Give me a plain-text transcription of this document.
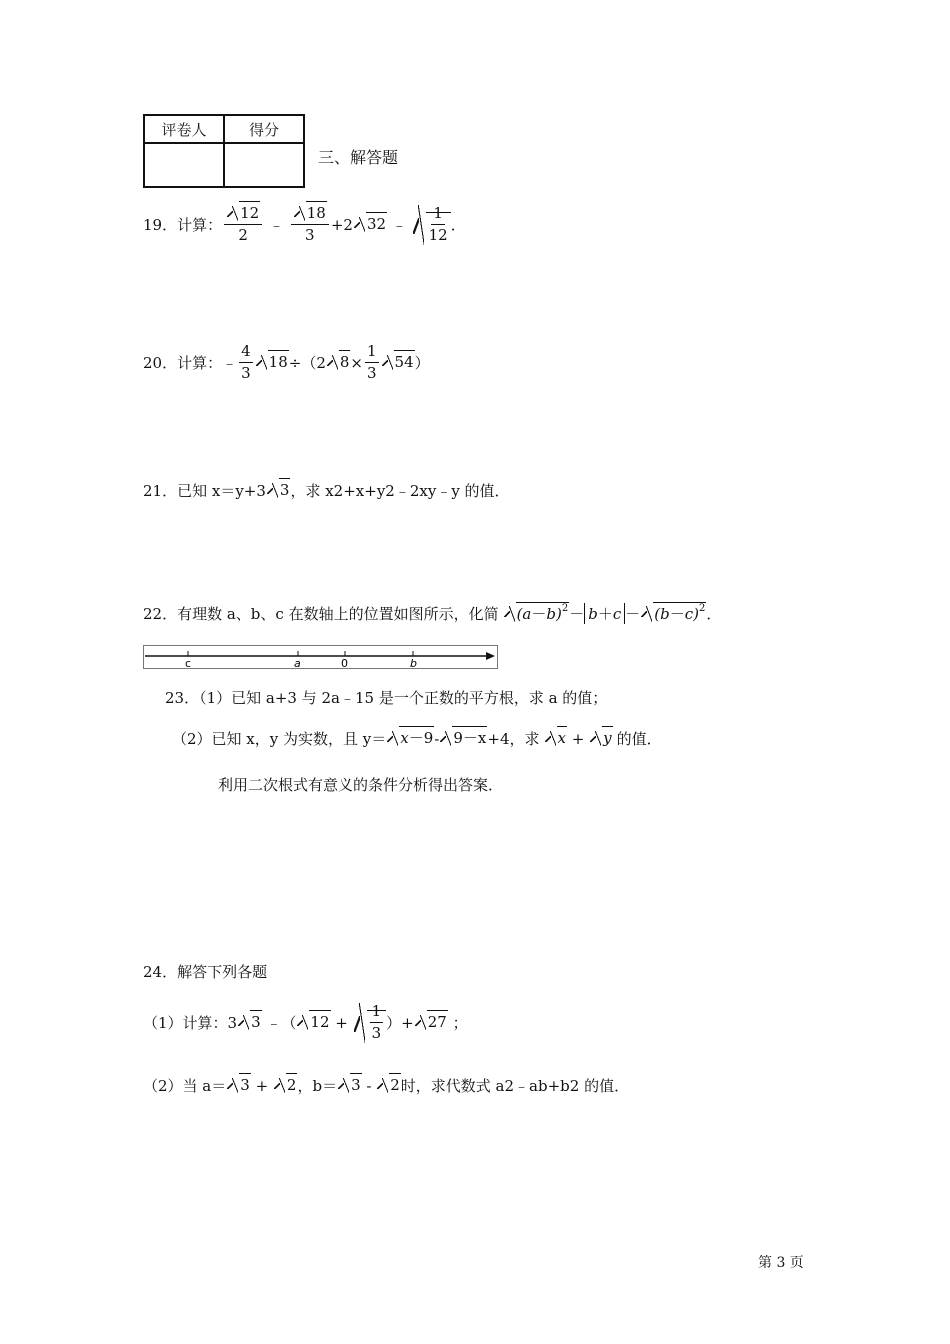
评卷人	得分

三、解答题
19．计算： $\frac{12}{2}$ ﹣ $\frac{18}{3} +2$ 32 ﹣ $\frac{1}{12}$ ．
20．计算： ﹣ $\frac{4}{3}$	18 ÷（2 $8 \times \frac{1}{3}$	54 ）
21．已知 x＝y+3 3 ，求 x2+x+y2﹣2xy﹣y 的值．
22．有理数 a、b、c 在数轴上的位置如图所示，化简	$(a-b)^2 - b+c - (b-c)^2$ ．
c	a	0	b
23．（1）已知 a+3 与 2a﹣15 是一个正数的平方根，求 a 的值；
（2）已知 x，y 为实数，且 y＝ x－9 - 9－x +4，求	x + y 的值．
利用二次根式有意义的条件分析得出答案．
24．解答下列各题
（1）计算：3 3 ﹣（ $12 + \frac{1}{3}$ ）+ 27 ；
（2）当 a＝ 3 + 2 ，b＝ 3 - 2 时，求代数式 a2﹣ab+b2 的值．
第 3 页
